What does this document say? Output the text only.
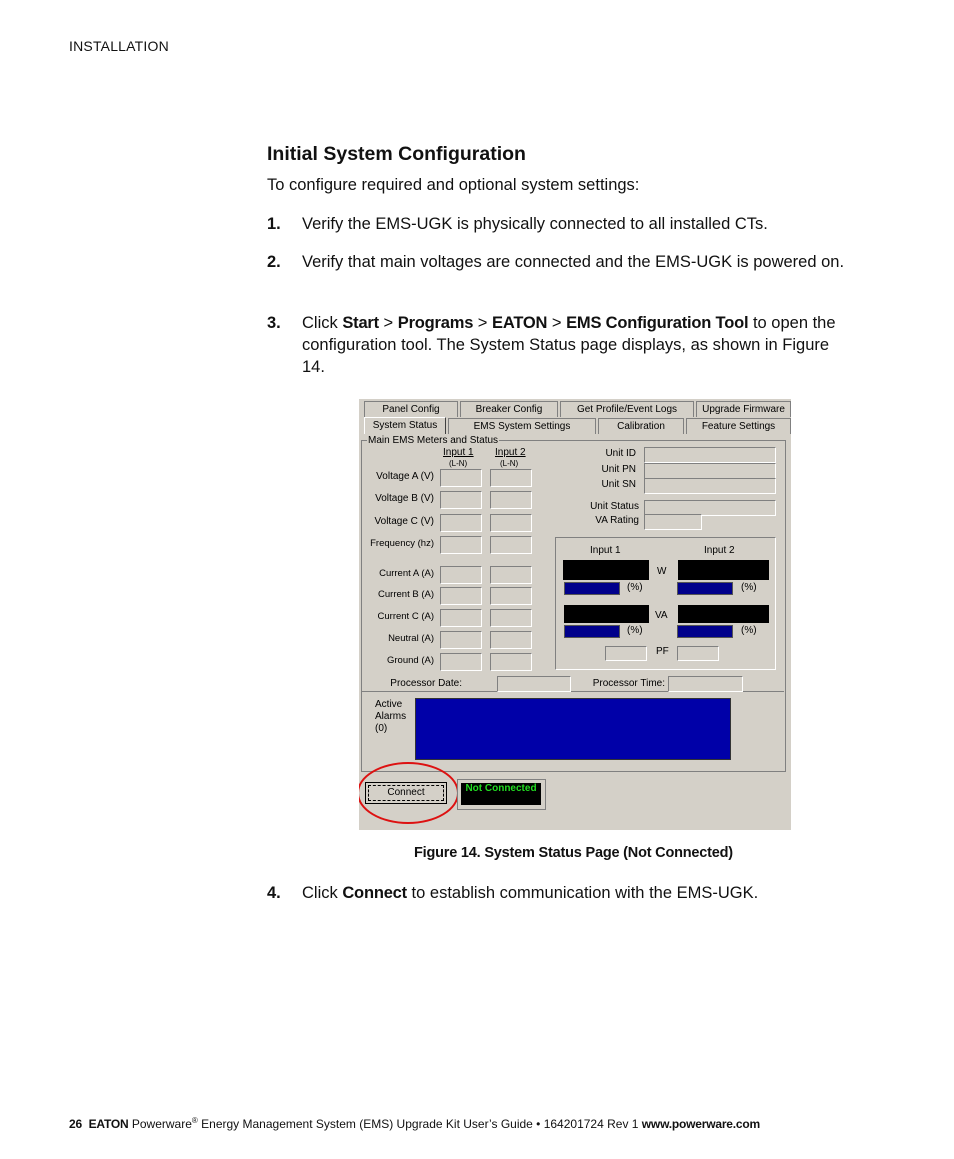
INSTALLATION
Initial System Configuration
To configure required and optional system settings:
1. Verify the EMS-UGK is physically connected to all installed CTs.
2. Verify that main voltages are connected and the EMS-UGK is powered on.
3. Click Start > Programs > EATON > EMS Configuration Tool to open the configuration tool. The System Status page displays, as shown in Figure 14.
Panel Config	Breaker Config	Get Profile/Event Logs	Upgrade Firmware
System Status	EMS System Settings	Calibration	Feature Settings
Main EMS Meters and Status
Input 1 Input 2
(L-N)	(L-N)
Voltage A (V)
Voltage B (V)
Voltage C (V)
Frequency (hz)
Current A (A)
Current B (A)
Current C (A)
Neutral (A)
Ground (A)
Unit ID
Unit PN
Unit SN
Unit Status
VA Rating
Input 1	Input 2
W
(%)	(%)
VA
(%)	(%)
PF
Processor Date:	Processor Time:
Active
Alarms
(0)
Connect	Not Connected
Figure 14. System Status Page (Not Connected)
4. Click Connect to establish communication with the EMS-UGK.
26 EATON Powerware® Energy Management System (EMS) Upgrade Kit User’s Guide • 164201724 Rev 1 www.powerware.com
